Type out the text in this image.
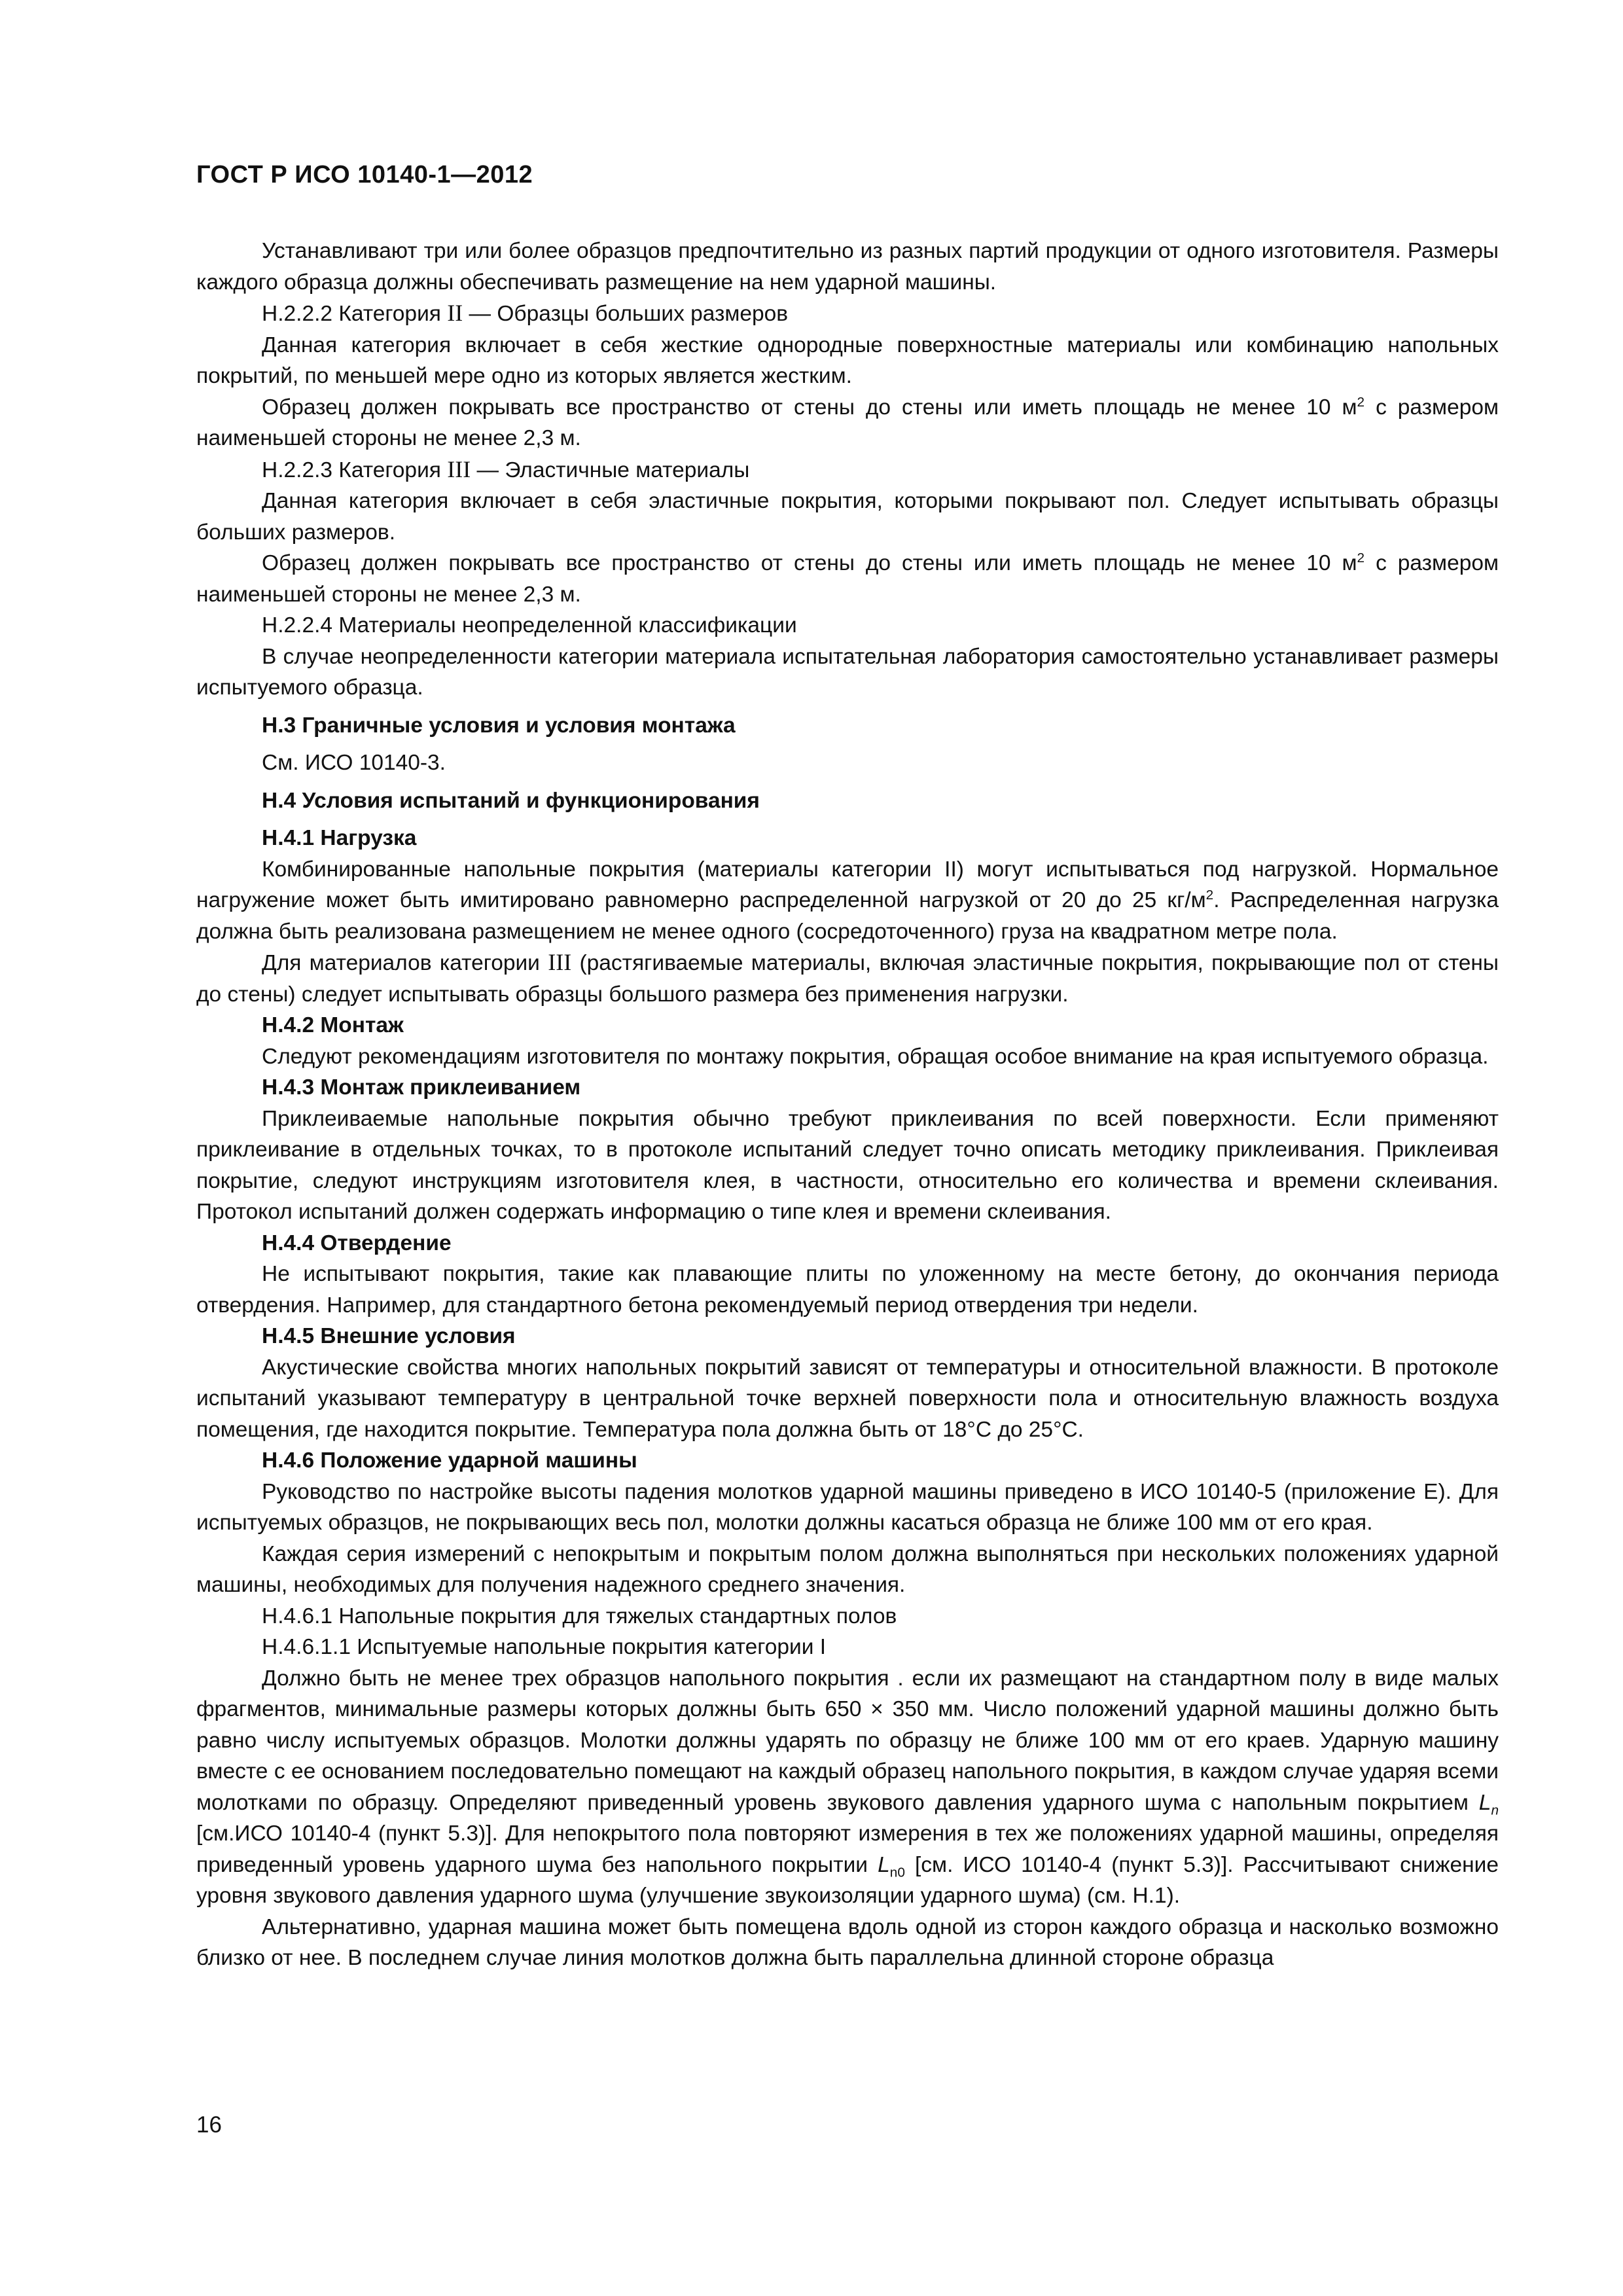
ГОСТ Р ИСО 10140-1—2012

Устанавливают три или более образцов предпочтительно из разных партий продукции от одного изготовителя. Размеры каждого образца должны обеспечивать размещение на нем ударной машины.

Н.2.2.2 Категория II — Образцы больших размеров

Данная категория включает в себя жесткие однородные поверхностные материалы или комбинацию напольных покрытий, по меньшей мере одно из которых является жестким.

Образец должен покрывать все пространство от стены до стены или иметь площадь не менее 10 $м^2$ с размером наименьшей стороны не менее 2,3 м.

Н.2.2.3 Категория III — Эластичные материалы

Данная категория включает в себя эластичные покрытия, которыми покрывают пол. Следует испытывать образцы больших размеров.

Образец должен покрывать все пространство от стены до стены или иметь площадь не менее 10 $м^2$ с размером наименьшей стороны не менее 2,3 м.

Н.2.2.4 Материалы неопределенной классификации

В случае неопределенности категории материала испытательная лаборатория самостоятельно устанавливает размеры испытуемого образца.

Н.3 Граничные условия и условия монтажа

См. ИСО 10140-3.

Н.4 Условия испытаний и функционирования

Н.4.1 Нагрузка

Комбинированные напольные покрытия (материалы категории II) могут испытываться под нагрузкой. Нормальное нагружение может быть имитировано равномерно распределенной нагрузкой от 20 до 25 $кг/м^2$. Распределенная нагрузка должна быть реализована размещением не менее одного (сосредоточенного) груза на квадратном метре пола.

Для материалов категории III (растягиваемые материалы, включая эластичные покрытия, покрывающие пол от стены до стены) следует испытывать образцы большого размера без применения нагрузки.

Н.4.2 Монтаж

Следуют рекомендациям изготовителя по монтажу покрытия, обращая особое внимание на края испытуемого образца.

Н.4.3 Монтаж приклеиванием

Приклеиваемые напольные покрытия обычно требуют приклеивания по всей поверхности. Если применяют приклеивание в отдельных точках, то в протоколе испытаний следует точно описать методику приклеивания. Приклеивая покрытие, следуют инструкциям изготовителя клея, в частности, относительно его количества и времени склеивания. Протокол испытаний должен содержать информацию о типе клея и времени склеивания.

Н.4.4 Отвердение

Не испытывают покрытия, такие как плавающие плиты по уложенному на месте бетону, до окончания периода отвердения. Например, для стандартного бетона рекомендуемый период отвердения три недели.

Н.4.5 Внешние условия

Акустические свойства многих напольных покрытий зависят от температуры и относительной влажности. В протоколе испытаний указывают температуру в центральной точке верхней поверхности пола и относительную влажность воздуха помещения, где находится покрытие. Температура пола должна быть от 18°С до 25°С.

Н.4.6 Положение ударной машины

Руководство по настройке высоты падения молотков ударной машины приведено в ИСО 10140-5 (приложение Е). Для испытуемых образцов, не покрывающих весь пол, молотки должны касаться образца не ближе 100 мм от его края.

Каждая серия измерений с непокрытым и покрытым полом должна выполняться при нескольких положениях ударной машины, необходимых для получения надежного среднего значения.

Н.4.6.1 Напольные покрытия для тяжелых стандартных полов

Н.4.6.1.1 Испытуемые напольные покрытия категории I

Должно быть не менее трех образцов напольного покрытия . если их размещают на стандартном полу в виде малых фрагментов, минимальные размеры которых должны быть 650 × 350 мм. Число положений ударной машины должно быть равно числу испытуемых образцов. Молотки должны ударять по образцу не ближе 100 мм от его краев. Ударную машину вместе с ее основанием последовательно помещают на каждый образец напольного покрытия, в каждом случае ударяя всеми молотками по образцу. Определяют приведенный уровень звукового давления ударного шума с напольным покрытием $L_n$ [см.ИСО 10140-4 (пункт 5.3)]. Для непокрытого пола повторяют измерения в тех же положениях ударной машины, определяя приведенный уровень ударного шума без напольного покрытии $L_{n0}$ [см. ИСО 10140-4 (пункт 5.3)]. Рассчитывают снижение уровня звукового давления ударного шума (улучшение звукоизоляции ударного шума) (см. Н.1).

Альтернативно, ударная машина может быть помещена вдоль одной из сторон каждого образца и насколько возможно близко от нее. В последнем случае линия молотков должна быть параллельна длинной стороне образца

16
